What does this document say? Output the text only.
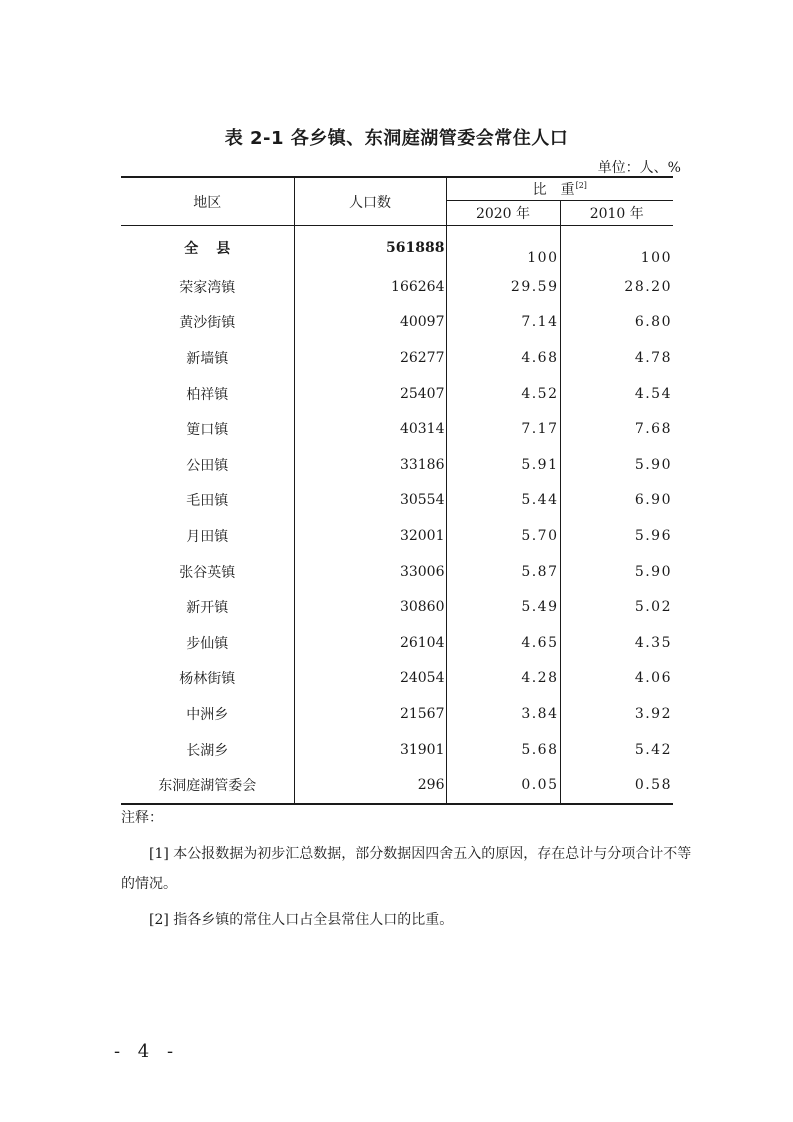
表 2-1 各乡镇、东洞庭湖管委会常住人口
单位：人、%
地区	人口数	比　重[2]
		2020 年	2010 年
全县	561888	100	100
荣家湾镇	166264	29.59	28.20
黄沙街镇	40097	7.14	6.80
新墙镇	26277	4.68	4.78
柏祥镇	25407	4.52	4.54
筻口镇	40314	7.17	7.68
公田镇	33186	5.91	5.90
毛田镇	30554	5.44	6.90
月田镇	32001	5.70	5.96
张谷英镇	33006	5.87	5.90
新开镇	30860	5.49	5.02
步仙镇	26104	4.65	4.35
杨林街镇	24054	4.28	4.06
中洲乡	21567	3.84	3.92
长湖乡	31901	5.68	5.42
东洞庭湖管委会	296	0.05	0.58

注释：

[1] 本公报数据为初步汇总数据，部分数据因四舍五入的原因，存在总计与分项合计不等的情况。

[2] 指各乡镇的常住人口占全县常住人口的比重。

- 4 -
